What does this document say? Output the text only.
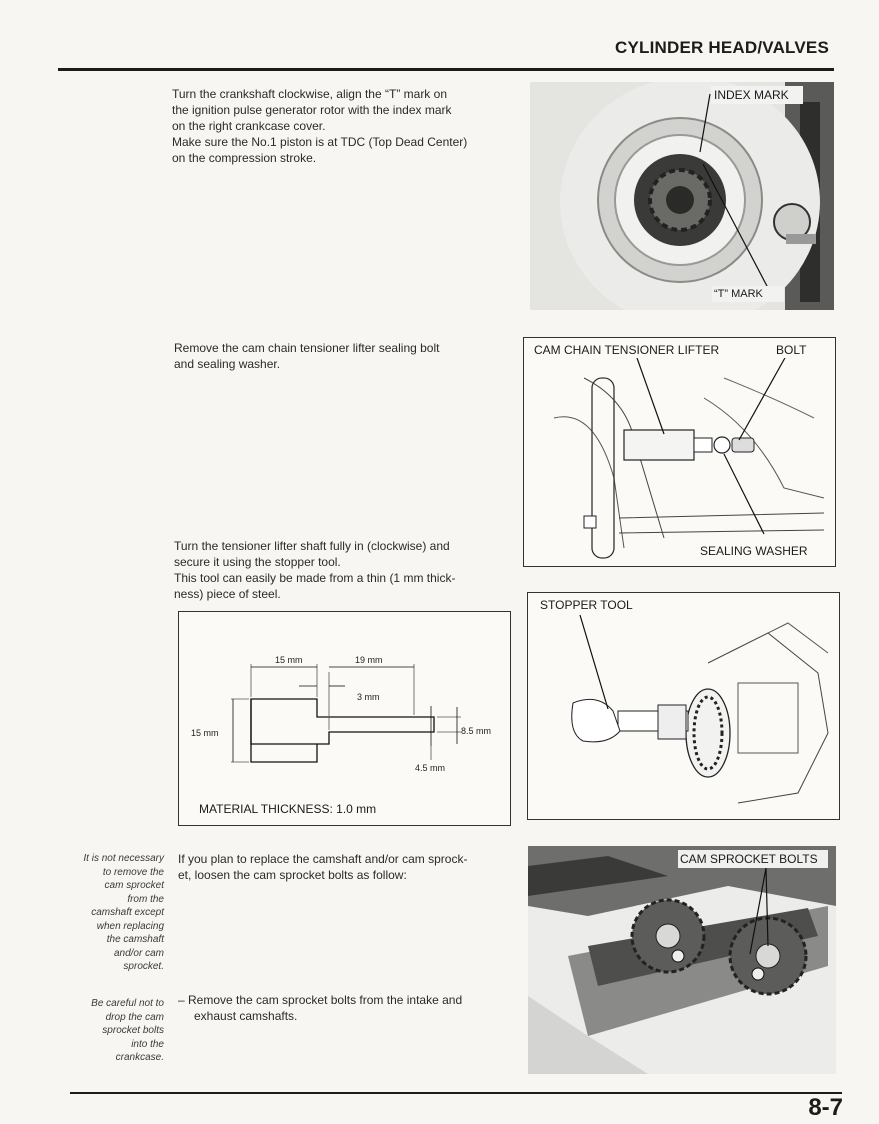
CYLINDER HEAD/VALVES
Turn the crankshaft clockwise, align the “T” mark on
the ignition pulse generator rotor with the index mark
on the right crankcase cover.
Make sure the No.1 piston is at TDC (Top Dead Center)
on the compression stroke.
INDEX MARK
“T” MARK
Remove the cam chain tensioner lifter sealing bolt
and sealing washer.
CAM CHAIN TENSIONER LIFTER	BOLT
SEALING WASHER
Turn the tensioner lifter shaft fully in (clockwise) and
secure it using the stopper tool.
This tool can easily be made from a thin (1 mm thick-
ness) piece of steel.
15 mm	19 mm
3 mm
15 mm	8.5 mm
4.5 mm
MATERIAL THICKNESS: 1.0 mm
STOPPER TOOL
It is not necessary
to remove the
cam sprocket
from the
camshaft except
when replacing
the camshaft
and/or cam
sprocket.
Be careful not to
drop the cam
sprocket bolts
into the
crankcase.
If you plan to replace the camshaft and/or cam sprock-
et, loosen the cam sprocket bolts as follow:
– Remove the cam sprocket bolts from the intake and
exhaust camshafts.
CAM SPROCKET BOLTS
8-7
